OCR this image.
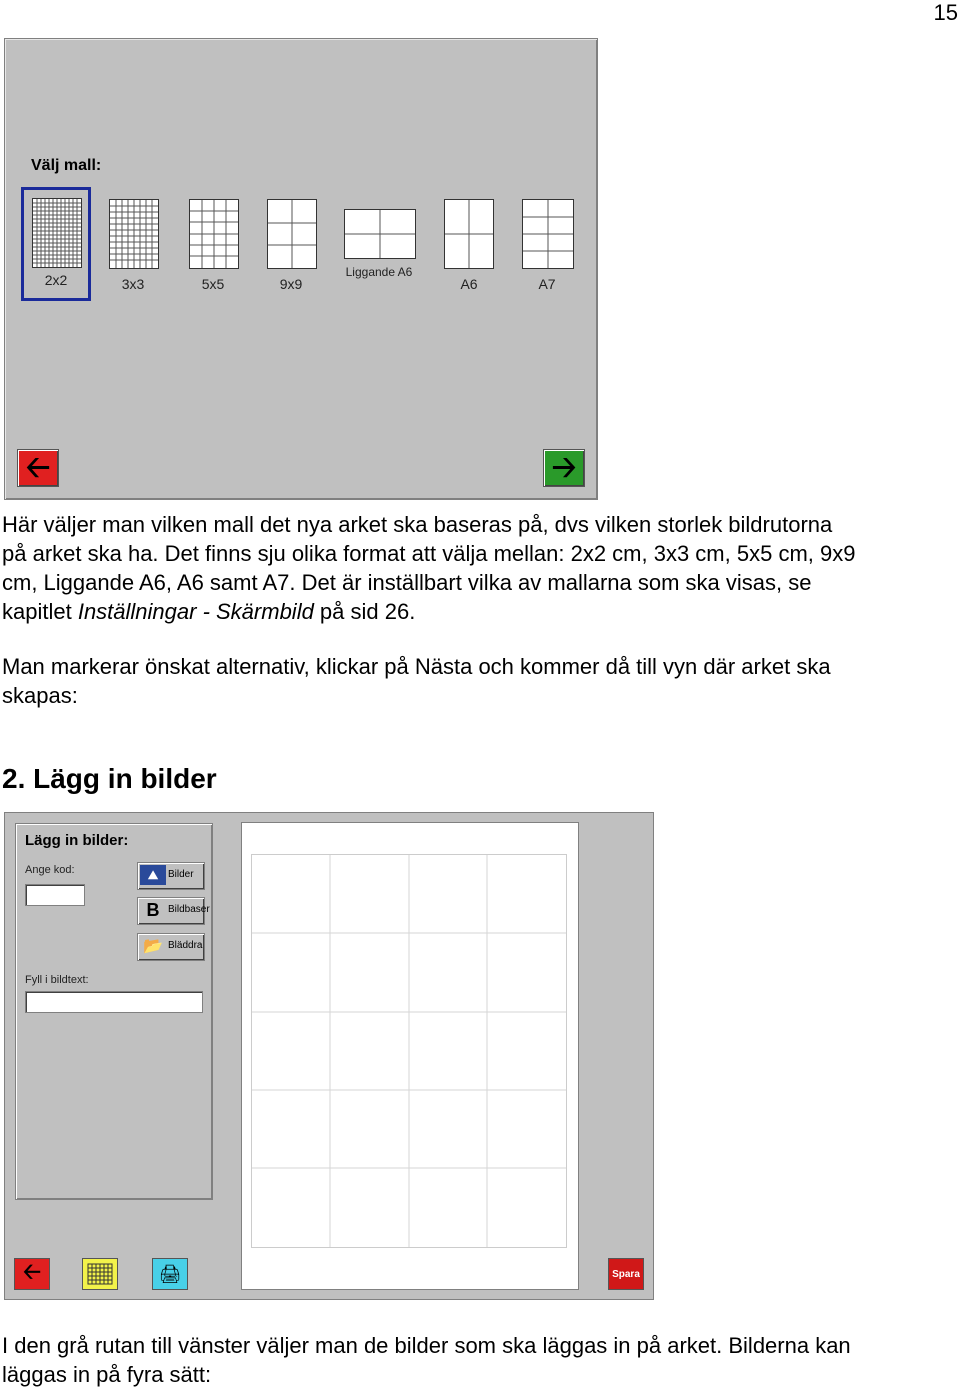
15
Välj mall:
2x2	3x3	5x5	9x9
Liggande A6
A6	A7
🡠	🡢
Här väljer man vilken mall det nya arket ska baseras på, dvs vilken storlek bildrutorna
på arket ska ha. Det finns sju olika format att välja mellan: 2x2 cm, 3x3 cm, 5x5 cm, 9x9
cm, Liggande A6, A6 samt A7. Det är inställbart vilka av mallarna som ska visas, se
kapitlet Inställningar - Skärmbild på sid 26.
Man markerar önskat alternativ, klickar på Nästa och kommer då till vyn där arket ska
skapas:
2. Lägg in bilder
Lägg in bilder:
Ange kod:	⛰ Bilder
B Bildbaser
📂 Bläddra
Fyll i bildtext:
🡠	🖨	Spara
I den grå rutan till vänster väljer man de bilder som ska läggas in på arket. Bilderna kan
läggas in på fyra sätt:
